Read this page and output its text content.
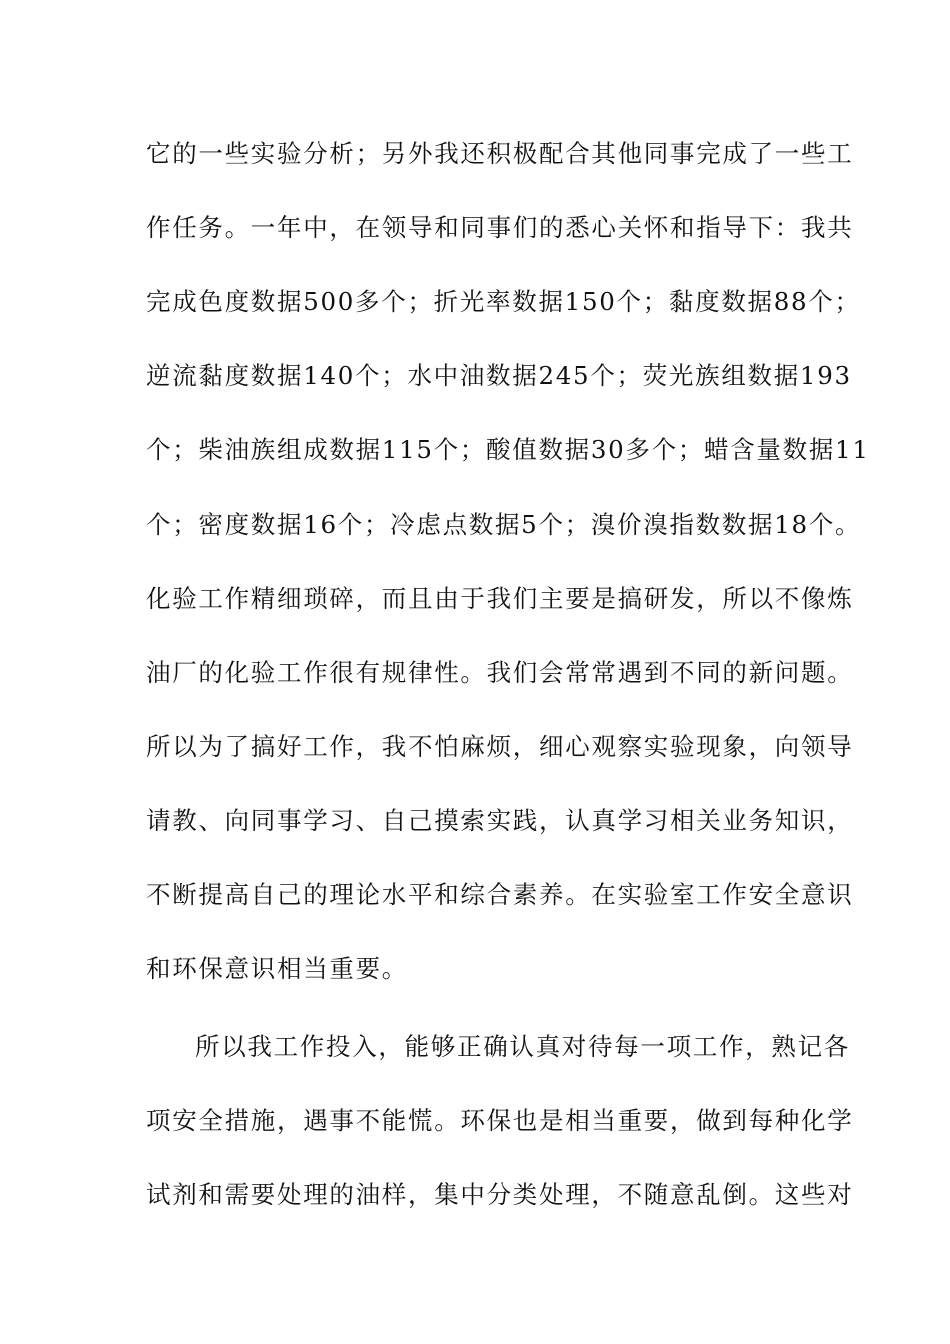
它的一些实验分析；另外我还积极配合其他同事完成了一些工
作任务。一年中，在领导和同事们的悉心关怀和指导下：我共
完成色度数据500多个；折光率数据150个；黏度数据88个；
逆流黏度数据140个；水中油数据245个；荧光族组数据193
个；柴油族组成数据115个；酸值数据30多个；蜡含量数据11
个；密度数据16个；冷虑点数据5个；溴价溴指数数据18个。
化验工作精细琐碎，而且由于我们主要是搞研发，所以不像炼
油厂的化验工作很有规律性。我们会常常遇到不同的新问题。
所以为了搞好工作，我不怕麻烦，细心观察实验现象，向领导
请教、向同事学习、自己摸索实践，认真学习相关业务知识，
不断提高自己的理论水平和综合素养。在实验室工作安全意识
和环保意识相当重要。
所以我工作投入，能够正确认真对待每一项工作，熟记各
项安全措施，遇事不能慌。环保也是相当重要，做到每种化学
试剂和需要处理的油样，集中分类处理，不随意乱倒。这些对
